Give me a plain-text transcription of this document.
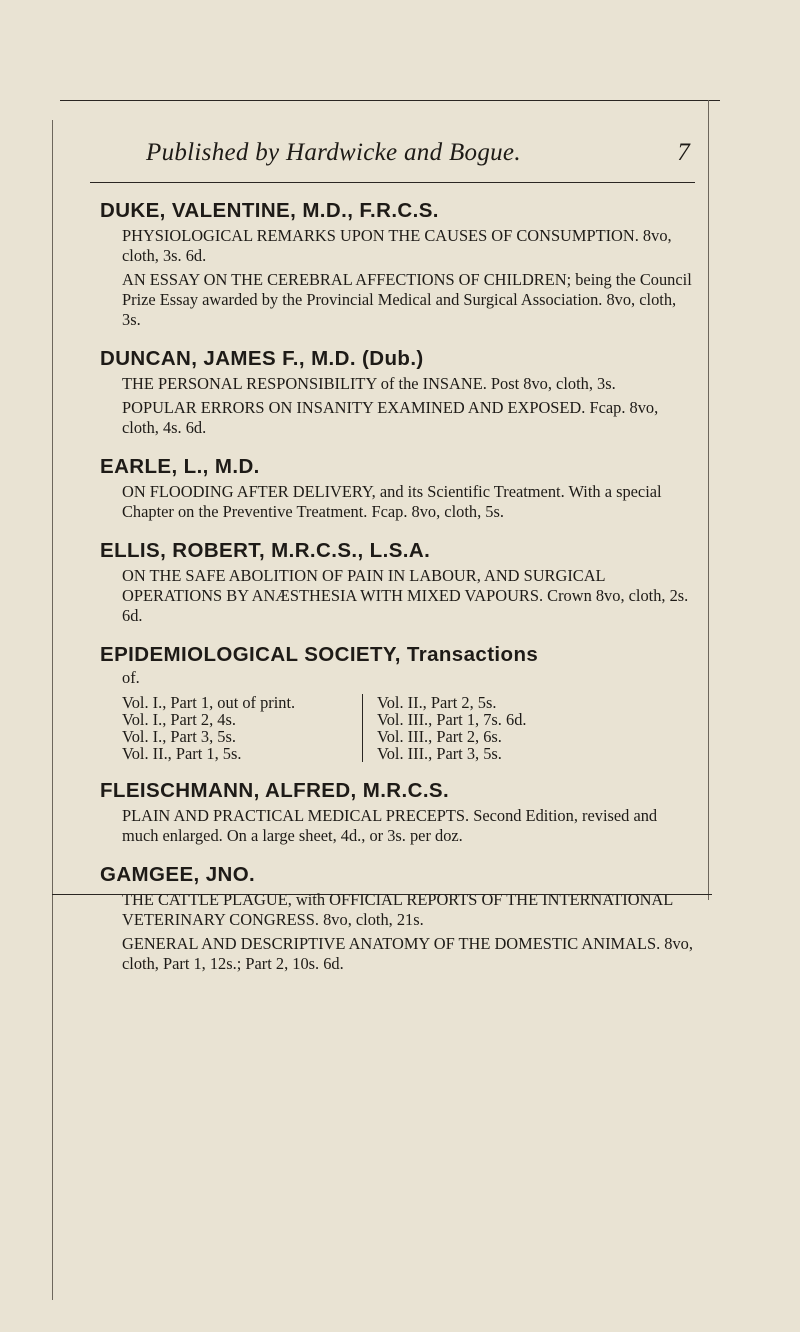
Published by Hardwicke and Bogue.	7

DUKE, VALENTINE, M.D., F.R.C.S.

PHYSIOLOGICAL REMARKS UPON THE CAUSES OF CONSUMPTION. 8vo, cloth, 3s. 6d.

AN ESSAY ON THE CEREBRAL AFFECTIONS OF CHILDREN; being the Council Prize Essay awarded by the Provincial Medical and Surgical Association. 8vo, cloth, 3s.

DUNCAN, JAMES F., M.D. (Dub.)

THE PERSONAL RESPONSIBILITY of the INSANE. Post 8vo, cloth, 3s.

POPULAR ERRORS ON INSANITY EXAMINED AND EXPOSED. Fcap. 8vo, cloth, 4s. 6d.

EARLE, L., M.D.

ON FLOODING AFTER DELIVERY, and its Scientific Treatment. With a special Chapter on the Preventive Treatment. Fcap. 8vo, cloth, 5s.

ELLIS, ROBERT, M.R.C.S., L.S.A.

ON THE SAFE ABOLITION OF PAIN IN LABOUR, AND SURGICAL OPERATIONS BY ANÆSTHESIA WITH MIXED VAPOURS. Crown 8vo, cloth, 2s. 6d.

EPIDEMIOLOGICAL SOCIETY, Transactions

of.

Vol. I., Part 1, out of print.
Vol. I., Part 2, 4s.
Vol. I., Part 3, 5s.
Vol. II., Part 1, 5s.
Vol. II., Part 2, 5s.
Vol. III., Part 1, 7s. 6d.
Vol. III., Part 2, 6s.
Vol. III., Part 3, 5s.

FLEISCHMANN, ALFRED, M.R.C.S.

PLAIN AND PRACTICAL MEDICAL PRECEPTS. Second Edition, revised and much enlarged. On a large sheet, 4d., or 3s. per doz.

GAMGEE, JNO.

THE CATTLE PLAGUE, with OFFICIAL REPORTS OF THE INTERNATIONAL VETERINARY CONGRESS. 8vo, cloth, 21s.

GENERAL AND DESCRIPTIVE ANATOMY OF THE DOMESTIC ANIMALS. 8vo, cloth, Part 1, 12s.; Part 2, 10s. 6d.
